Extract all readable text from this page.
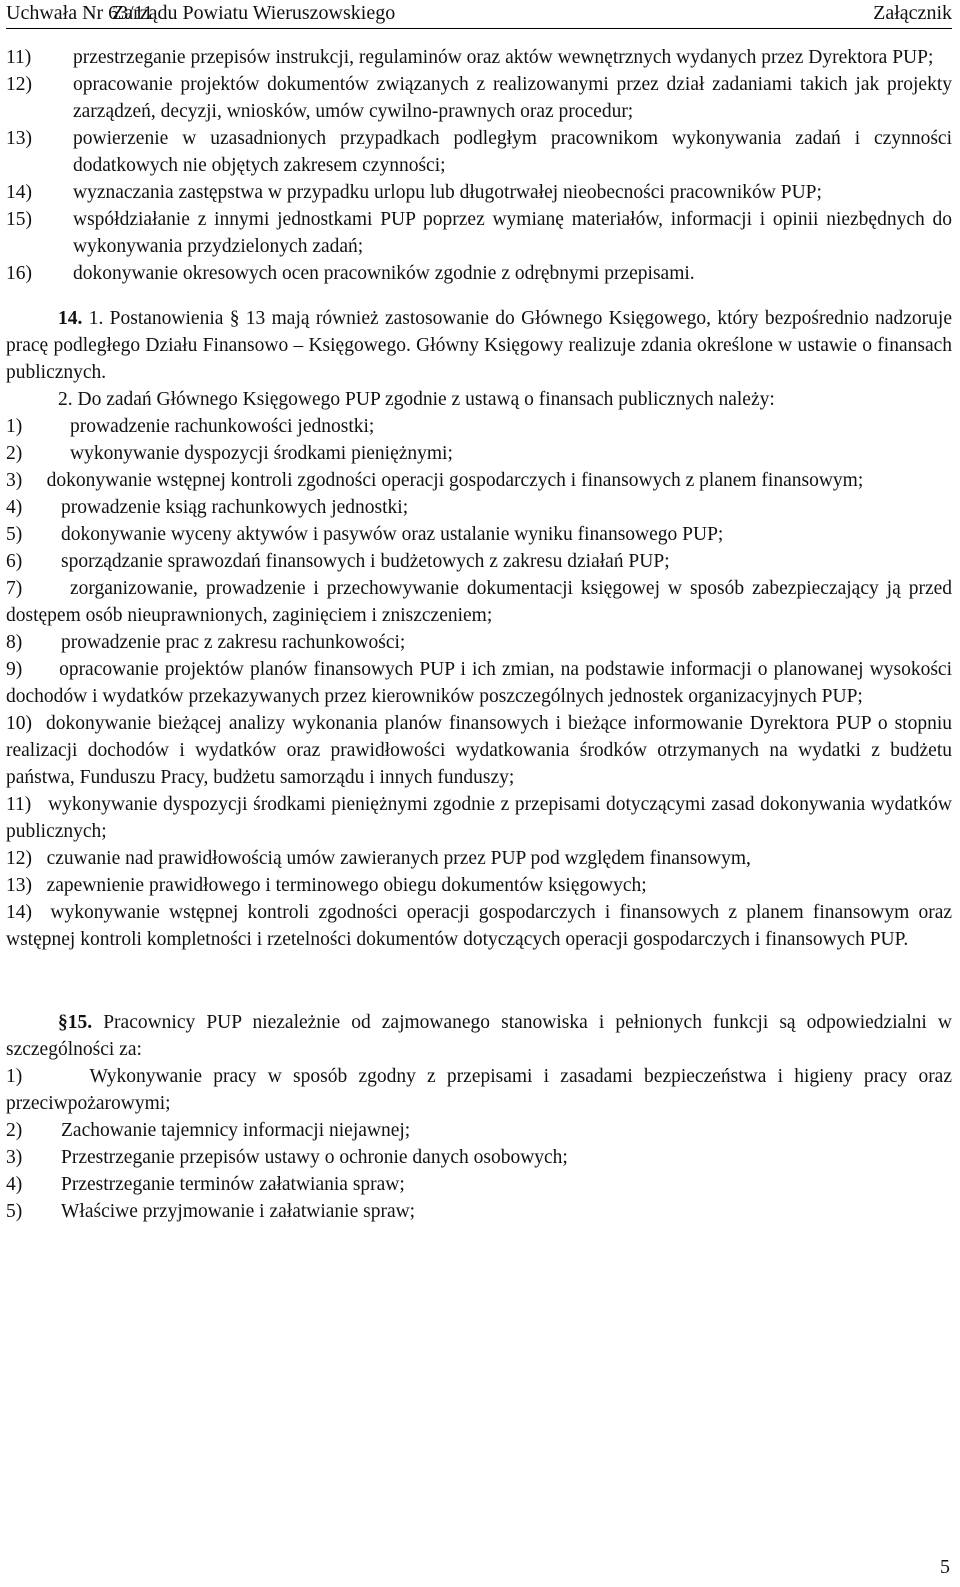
Uchwała Nr 63/11
Zarządu Powiatu Wieruszowskiego	Załącznik
11)	przestrzeganie przepisów instrukcji, regulaminów oraz aktów wewnętrznych wydanych przez Dyrektora PUP;
12)	opracowanie projektów dokumentów związanych z realizowanymi przez dział zadaniami takich jak projekty zarządzeń, decyzji, wniosków, umów cywilno-prawnych oraz procedur;
13)	powierzenie w uzasadnionych przypadkach podległym pracownikom wykonywania zadań i czynności dodatkowych nie objętych zakresem czynności;
14)	wyznaczania zastępstwa w przypadku urlopu lub długotrwałej nieobecności pracowników PUP;
15)	współdziałanie z innymi jednostkami PUP poprzez wymianę materiałów, informacji i opinii niezbędnych do wykonywania przydzielonych zadań;
16)	dokonywanie okresowych ocen pracowników zgodnie z odrębnymi przepisami.

14. 1. Postanowienia § 13 mają również zastosowanie do Głównego Księgowego, który bezpośrednio nadzoruje pracę podległego Działu Finansowo – Księgowego. Główny Księgowy realizuje zdania określone w ustawie o finansach publicznych.

2. Do zadań Głównego Księgowego PUP zgodnie z ustawą o finansach publicznych należy:

1)	prowadzenie rachunkowości jednostki;
2)	wykonywanie dyspozycji środkami pieniężnymi;

3) dokonywanie wstępnej kontroli zgodności operacji gospodarczych i finansowych z planem finansowym;

4)	prowadzenie ksiąg rachunkowych jednostki;
5)	dokonywanie wyceny aktywów i pasywów oraz ustalanie wyniku finansowego PUP;
6)	sporządzanie sprawozdań finansowych i budżetowych z zakresu działań PUP;

7) zorganizowanie, prowadzenie i przechowywanie dokumentacji księgowej w sposób zabezpieczający ją przed dostępem osób nieuprawnionych, zaginięciem i zniszczeniem;

8)	prowadzenie prac z zakresu rachunkowości;

9) opracowanie projektów planów finansowych PUP i ich zmian, na podstawie informacji o planowanej wysokości dochodów i wydatków przekazywanych przez kierowników poszczególnych jednostek organizacyjnych PUP;

10) dokonywanie bieżącej analizy wykonania planów finansowych i bieżące informowanie Dyrektora PUP o stopniu realizacji dochodów i wydatków oraz prawidłowości wydatkowania środków otrzymanych na wydatki z budżetu państwa, Funduszu Pracy, budżetu samorządu i innych funduszy;

11) wykonywanie dyspozycji środkami pieniężnymi zgodnie z przepisami dotyczącymi zasad dokonywania wydatków publicznych;

12) czuwanie nad prawidłowością umów zawieranych przez PUP pod względem finansowym,

13) zapewnienie prawidłowego i terminowego obiegu dokumentów księgowych;

14) wykonywanie wstępnej kontroli zgodności operacji gospodarczych i finansowych z planem finansowym oraz wstępnej kontroli kompletności i rzetelności dokumentów dotyczących operacji gospodarczych i finansowych PUP.

§15. Pracownicy PUP niezależnie od zajmowanego stanowiska i pełnionych funkcji są odpowiedzialni w szczególności za:

1)	Wykonywanie pracy w sposób zgodny z przepisami i zasadami bezpieczeństwa i higieny pracy oraz przeciwpożarowymi;

2)	Zachowanie tajemnicy informacji niejawnej;
3)	Przestrzeganie przepisów ustawy o ochronie danych osobowych;
4)	Przestrzeganie terminów załatwiania spraw;
5)	Właściwe przyjmowanie i załatwianie spraw;
5
